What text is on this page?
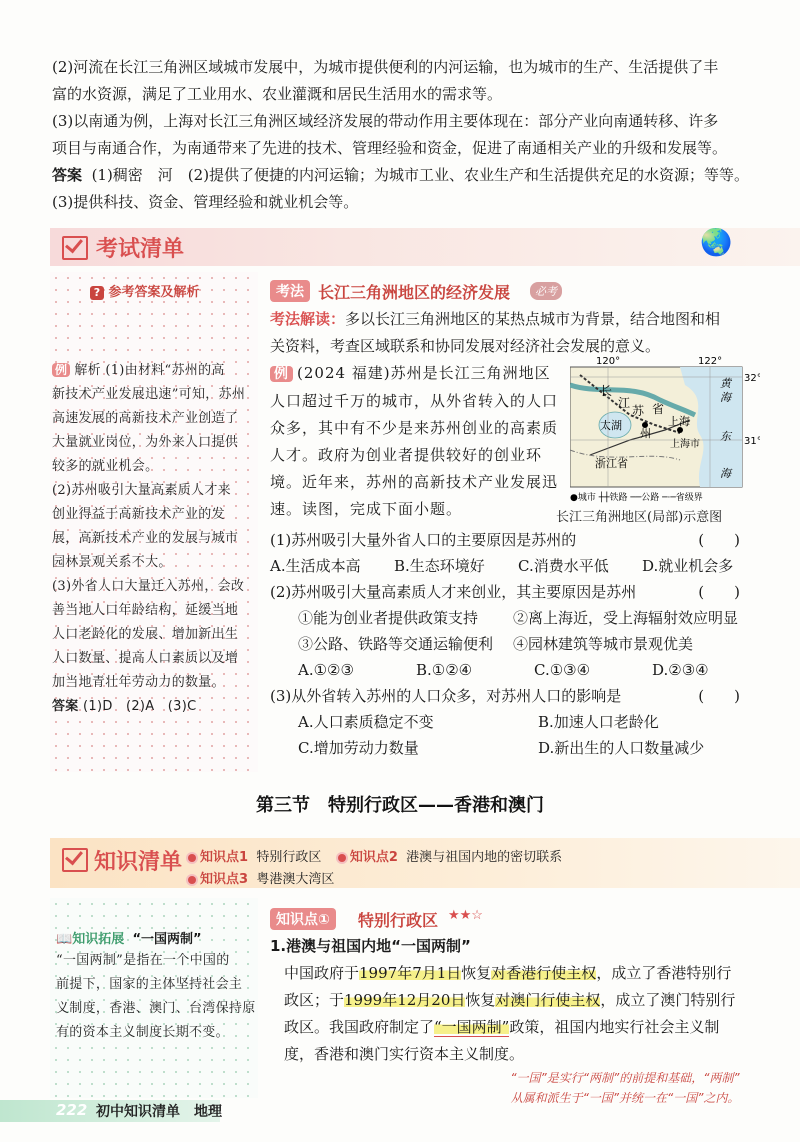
(2)河流在长江三角洲区域城市发展中，为城市提供便利的内河运输，也为城市的生产、生活提供了丰
富的水资源，满足了工业用水、农业灌溉和居民生活用水的需求等。
(3)以南通为例，上海对长江三角洲区域经济发展的带动作用主要体现在：部分产业向南通转移、许多
项目与南通合作，为南通带来了先进的技术、管理经验和资金，促进了南通相关产业的升级和发展等。
答案 (1)稠密　河　(2)提供了便捷的内河运输；为城市工业、农业生产和生活提供充足的水资源；等等。
(3)提供科技、资金、管理经验和就业机会等。
考试清单	🌏
? 参考答案及解析
例 解析 (1)由材料“苏州的高
新技术产业发展迅速”可知，苏州
高速发展的高新技术产业创造了
大量就业岗位，为外来人口提供
较多的就业机会。
(2)苏州吸引大量高素质人才来
创业得益于高新技术产业的发
展，高新技术产业的发展与城市
园林景观关系不大。
(3)外省人口大量迁入苏州，会改
善当地人口年龄结构，延缓当地
人口老龄化的发展、增加新出生
人口数量、提高人口素质以及增
加当地青壮年劳动力的数量。
答案 (1)D　(2)A　(3)C
考法 长江三角洲地区的经济发展	必考
考法解读：多以长江三角洲地区的某热点城市为背景，结合地图和相
关资料，考查区域联系和协同发展对经济社会发展的意义。
例 (2024 福建)苏州是长江三角洲地区
人口超过千万的城市，从外省转入的人口
众多，其中有不少是来苏州创业的高素质
人才。政府为创业者提供较好的创业环
境。近年来，苏州的高新技术产业发展迅
速。读图，完成下面小题。
120°	122°
32°
31°
长
江
苏
州
省
太湖	上海
上海市
浙江省
黄
海
东
海
●城市 ┼┼铁路 ──公路 ─·─省级界
长江三角洲地区(局部)示意图
(1)苏州吸引大量外省人口的主要原因是苏州的	(　　)
A.生活成本高	B.生态环境好	C.消费水平低	D.就业机会多
(2)苏州吸引大量高素质人才来创业，其主要原因是苏州	(　　)
①能为创业者提供政策支持	②离上海近，受上海辐射效应明显
③公路、铁路等交通运输便利	④园林建筑等城市景观优美
A.①②③	B.①②④	C.①③④	D.②③④
(3)从外省转入苏州的人口众多，对苏州人口的影响是	(　　)
A.人口素质稳定不变	B.加速人口老龄化
C.增加劳动力数量	D.新出生的人口数量减少
第三节　特别行政区——香港和澳门
知识清单	知识点1 特别行政区 知识点2 港澳与祖国内地的密切联系
知识点3 粤港澳大湾区
📖知识拓展 “一国两制”
“一国两制”是指在一个中国的
前提下，国家的主体坚持社会主
义制度，香港、澳门、台湾保持原
有的资本主义制度长期不变。
知识点①	特别行政区 ★★☆
1.港澳与祖国内地“一国两制”
中国政府于1997年7月1日恢复对香港行使主权，成立了香港特别行
政区；于1999年12月20日恢复对澳门行使主权，成立了澳门特别行
政区。我国政府制定了“一国两制”政策，祖国内地实行社会主义制
度，香港和澳门实行资本主义制度。
“一国”是实行“两制”的前提和基础，“两制”
从属和派生于“一国”并统一在“一国”之内。
222 初中知识清单　地理
